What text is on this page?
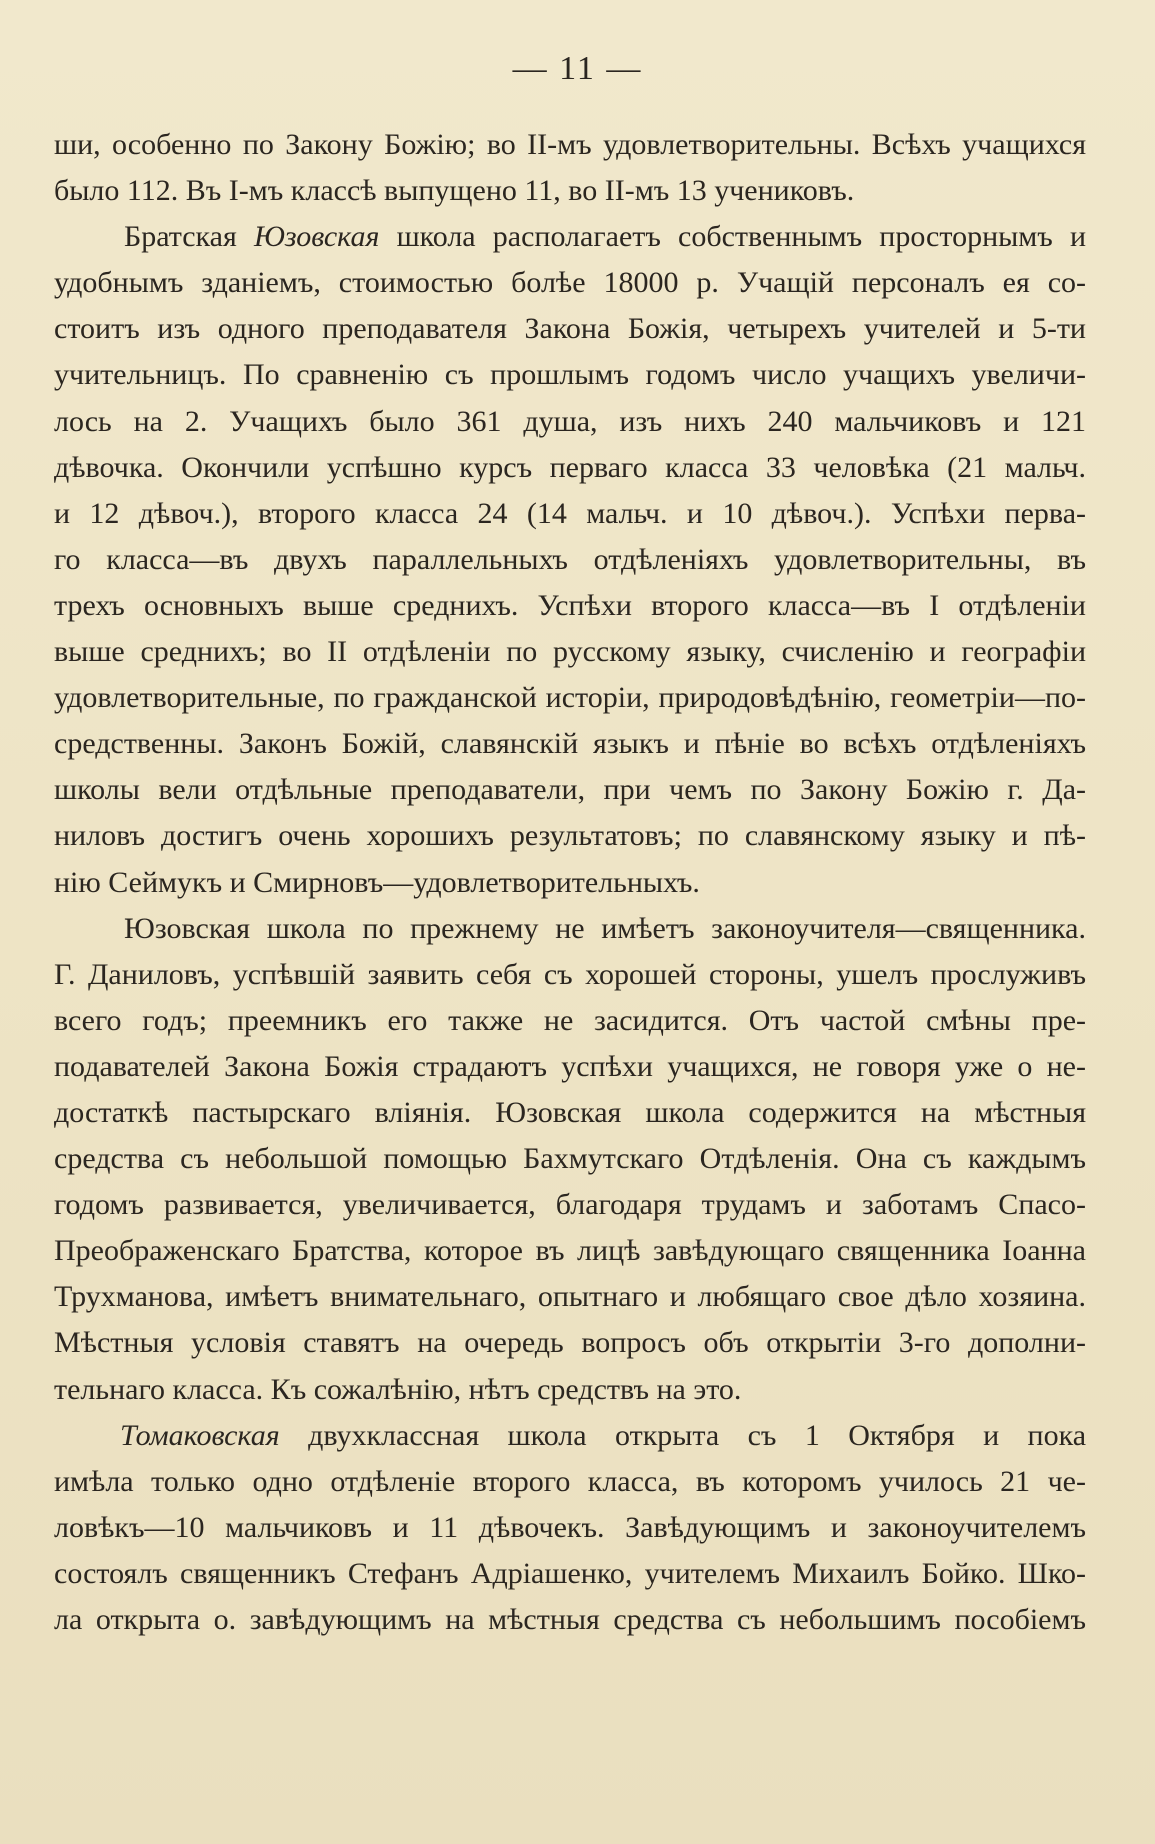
— 11 —

ши, особенно по Закону Божію; во II-мъ удовлетворительны. Всѣхъ учащихся
было 112. Въ I-мъ классѣ выпущено 11, во II-мъ 13 учениковъ.

Братская Юзовская школа располагаетъ собственнымъ просторнымъ и
удобнымъ зданіемъ, стоимостью болѣе 18000 р. Учащій персоналъ ея со-
стоитъ изъ одного преподавателя Закона Божія, четырехъ учителей и 5-ти
учительницъ. По сравненію съ прошлымъ годомъ число учащихъ увеличи-
лось на 2. Учащихъ было 361 душа, изъ нихъ 240 мальчиковъ и 121
дѣвочка. Окончили успѣшно курсъ перваго класса 33 человѣка (21 мальч.
и 12 дѣвоч.), второго класса 24 (14 мальч. и 10 дѣвоч.). Успѣхи перва-
го класса—въ двухъ параллельныхъ отдѣленіяхъ удовлетворительны, въ
трехъ основныхъ выше среднихъ. Успѣхи второго класса—въ I отдѣленіи
выше среднихъ; во II отдѣленіи по русскому языку, счисленію и географіи
удовлетворительные, по гражданской исторіи, природовѣдѣнію, геометріи—по-
средственны. Законъ Божій, славянскій языкъ и пѣніе во всѣхъ отдѣленіяхъ
школы вели отдѣльные преподаватели, при чемъ по Закону Божію г. Да-
ниловъ достигъ очень хорошихъ результатовъ; по славянскому языку и пѣ-
нію Сеймукъ и Смирновъ—удовлетворительныхъ.

Юзовская школа по прежнему не имѣетъ законоучителя—священника.
Г. Даниловъ, успѣвшій заявить себя съ хорошей стороны, ушелъ прослуживъ
всего годъ; преемникъ его также не засидится. Отъ частой смѣны пре-
подавателей Закона Божія страдаютъ успѣхи учащихся, не говоря уже о не-
достаткѣ пастырскаго вліянія. Юзовская школа содержится на мѣстныя
средства съ небольшой помощью Бахмутскаго Отдѣленія. Она съ каждымъ
годомъ развивается, увеличивается, благодаря трудамъ и заботамъ Спасо-
Преображенскаго Братства, которое въ лицѣ завѣдующаго священника Іоанна
Трухманова, имѣетъ внимательнаго, опытнаго и любящаго свое дѣло хозяина.
Мѣстныя условія ставятъ на очередь вопросъ объ открытіи 3-го дополни-
тельнаго класса. Къ сожалѣнію, нѣтъ средствъ на это.

Томаковская двухклассная школа открыта съ 1 Октября и пока
имѣла только одно отдѣленіе второго класса, въ которомъ училось 21 че-
ловѣкъ—10 мальчиковъ и 11 дѣвочекъ. Завѣдующимъ и законоучителемъ
состоялъ священникъ Стефанъ Адріашенко, учителемъ Михаилъ Бойко. Шко-
ла открыта о. завѣдующимъ на мѣстныя средства съ небольшимъ пособіемъ
